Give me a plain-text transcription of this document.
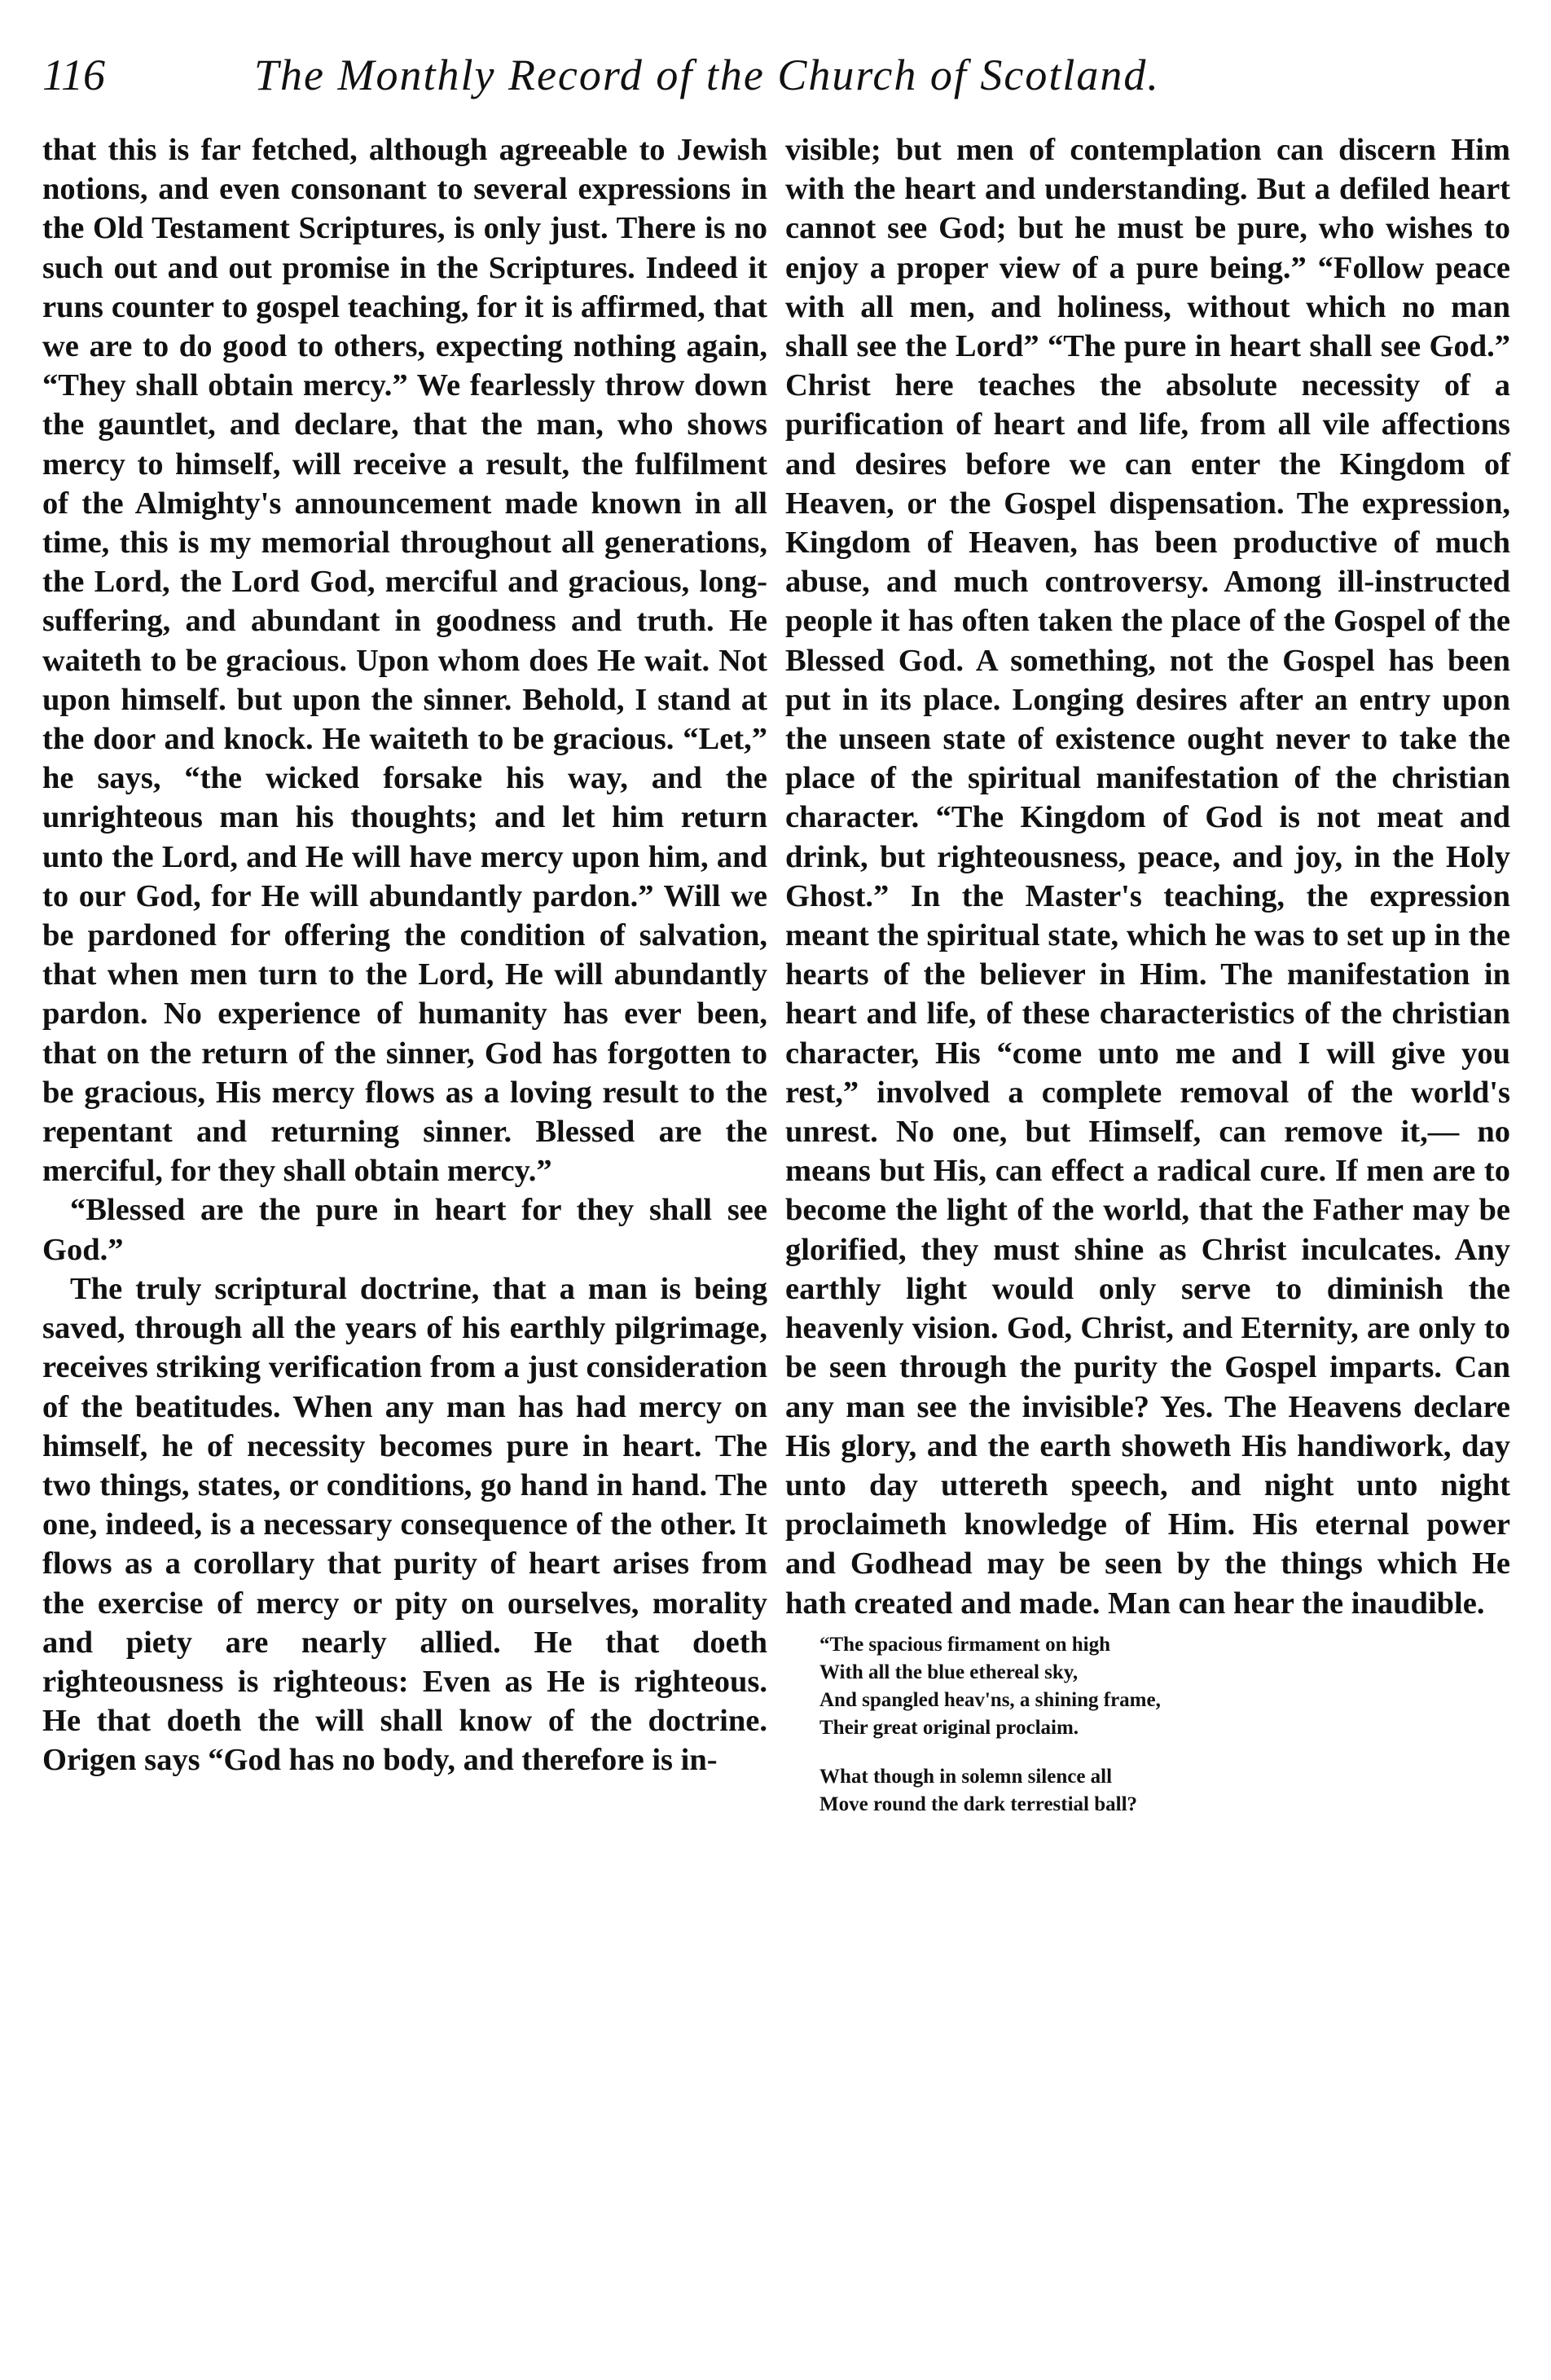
116	The Monthly Record of the Church of Scotland.

that this is far fetched, although agreeable to Jewish notions, and even consonant to several expressions in the Old Testament Scriptures, is only just. There is no such out and out promise in the Scriptures. Indeed it runs counter to gospel teaching, for it is affirmed, that we are to do good to others, expecting nothing again, “They shall obtain mercy.” We fearlessly throw down the gauntlet, and declare, that the man, who shows mercy to himself, will receive a result, the fulfilment of the Almighty's announcement made known in all time, this is my memorial throughout all generations, the Lord, the Lord God, merciful and gracious, long-suffering, and abundant in goodness and truth. He waiteth to be gracious. Upon whom does He wait. Not upon himself. but upon the sinner. Behold, I stand at the door and knock. He waiteth to be gracious. “Let,” he says, “the wicked forsake his way, and the unrighteous man his thoughts; and let him return unto the Lord, and He will have mercy upon him, and to our God, for He will abundantly pardon.” Will we be pardoned for offering the condition of salvation, that when men turn to the Lord, He will abundantly pardon. No experience of humanity has ever been, that on the return of the sinner, God has forgotten to be gracious, His mercy flows as a loving result to the repentant and returning sinner. Blessed are the merciful, for they shall obtain mercy.”

“Blessed are the pure in heart for they shall see God.”

The truly scriptural doctrine, that a man is being saved, through all the years of his earthly pilgrimage, receives striking verification from a just consideration of the beatitudes. When any man has had mercy on himself, he of necessity becomes pure in heart. The two things, states, or conditions, go hand in hand. The one, indeed, is a necessary consequence of the other. It flows as a corollary that purity of heart arises from the exercise of mercy or pity on ourselves, morality and piety are nearly allied. He that doeth righteousness is righteous: Even as He is righteous. He that doeth the will shall know of the doctrine. Origen says “God has no body, and therefore is in-

visible; but men of contemplation can discern Him with the heart and understanding. But a defiled heart cannot see God; but he must be pure, who wishes to enjoy a proper view of a pure being.” “Follow peace with all men, and holiness, without which no man shall see the Lord” “The pure in heart shall see God.” Christ here teaches the absolute necessity of a purification of heart and life, from all vile affections and desires before we can enter the Kingdom of Heaven, or the Gospel dispensation. The expression, Kingdom of Heaven, has been productive of much abuse, and much controversy. Among ill-instructed people it has often taken the place of the Gospel of the Blessed God. A something, not the Gospel has been put in its place. Longing desires after an entry upon the unseen state of existence ought never to take the place of the spiritual manifestation of the christian character. “The Kingdom of God is not meat and drink, but righteousness, peace, and joy, in the Holy Ghost.” In the Master's teaching, the expression meant the spiritual state, which he was to set up in the hearts of the believer in Him. The manifestation in heart and life, of these characteristics of the christian character, His “come unto me and I will give you rest,” involved a complete removal of the world's unrest. No one, but Himself, can remove it,— no means but His, can effect a radical cure. If men are to become the light of the world, that the Father may be glorified, they must shine as Christ inculcates. Any earthly light would only serve to diminish the heavenly vision. God, Christ, and Eternity, are only to be seen through the purity the Gospel imparts. Can any man see the invisible? Yes. The Heavens declare His glory, and the earth showeth His handiwork, day unto day uttereth speech, and night unto night proclaimeth knowledge of Him. His eternal power and Godhead may be seen by the things which He hath created and made. Man can hear the inaudible.

“The spacious firmament on high
With all the blue ethereal sky,
And spangled heav'ns, a shining frame,
Their great original proclaim.
What though in solemn silence all
Move round the dark terrestial ball?
